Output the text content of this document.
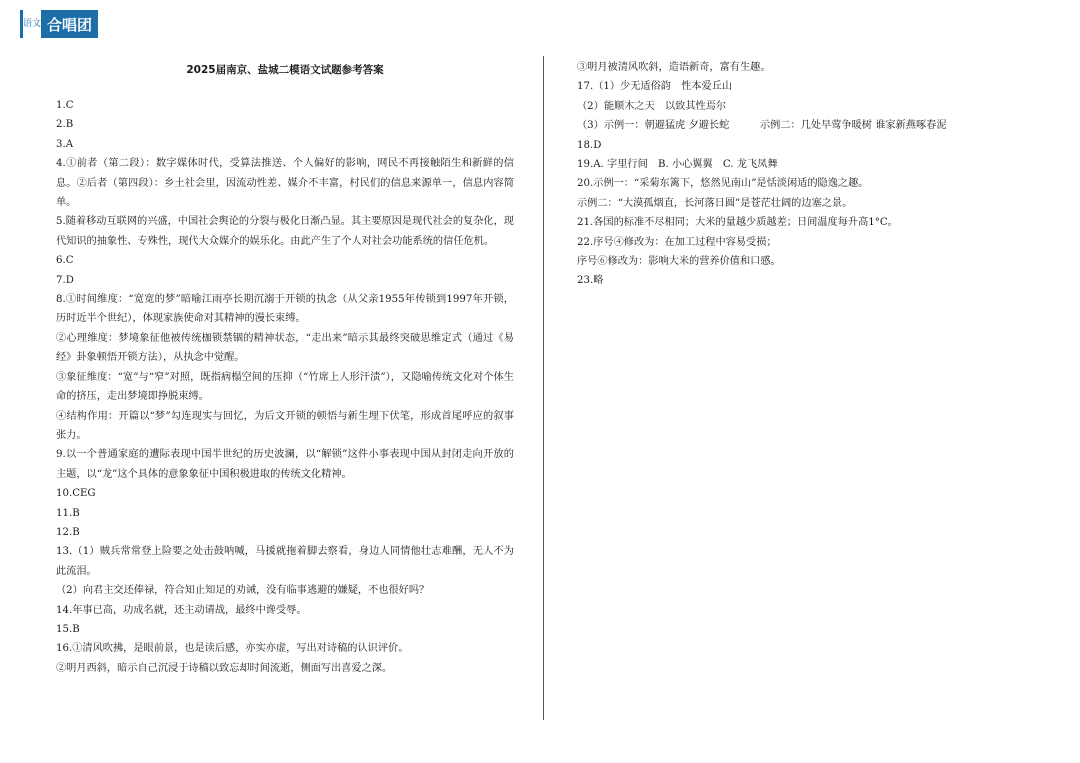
语文 合唱团
2025届南京、盐城二模语文试题参考答案

1.C

2.B

3.A

4.①前者（第二段）：数字媒体时代，受算法推送、个人偏好的影响，网民不再接触陌生和新鲜的信息。②后者（第四段）：乡土社会里，因流动性差、媒介不丰富，村民们的信息来源单一，信息内容简单。

5.随着移动互联网的兴盛，中国社会舆论的分裂与极化日渐凸显。其主要原因是现代社会的复杂化，现代知识的抽象性、专殊性，现代大众媒介的娱乐化。由此产生了个人对社会功能系统的信任危机。

6.C

7.D

8.①时间维度：“宽宽的梦”暗喻江雨亭长期沉溺于开锁的执念（从父亲1955年传锁到1997年开锁，历时近半个世纪），体现家族使命对其精神的漫长束缚。

②心理维度：梦境象征他被传统枷锁禁锢的精神状态，“走出来”暗示其最终突破思维定式（通过《易经》卦象顿悟开锁方法），从执念中觉醒。

③象征维度：“宽”与“窄”对照，既指病榻空间的压抑（“竹席上人形汗渍”），又隐喻传统文化对个体生命的挤压，走出梦境即挣脱束缚。

④结构作用：开篇以“梦”勾连现实与回忆，为后文开锁的顿悟与新生埋下伏笔，形成首尾呼应的叙事张力。

9.以一个普通家庭的遭际表现中国半世纪的历史波澜，以“解锁”这件小事表现中国从封闭走向开放的主题，以“龙”这个具体的意象象征中国积极进取的传统文化精神。

10.CEG

11.B

12.B

13.（1）贼兵常常登上险要之处击鼓呐喊，马援就拖着脚去察看，身边人同情他壮志难酬，无人不为此流泪。

（2）向君主交还俸禄，符合知止知足的劝诫，没有临事逃避的嫌疑，不也很好吗？

14.年事已高，功成名就，还主动请战，最终中谗受辱。

15.B

16.①清风吹拂，是眼前景，也是读后感，亦实亦虚，写出对诗稿的认识评价。

②明月西斜，暗示自己沉浸于诗稿以致忘却时间流逝，侧面写出喜爱之深。

③明月被清风吹斜，造语新奇，富有生趣。

17.（1）少无适俗韵　性本爱丘山

（2）能顺木之天　以致其性焉尔

（3）示例一：朝避猛虎 夕避长蛇　　　示例二：几处早莺争暖树 谁家新燕啄春泥

18.D

19.A. 字里行间　B. 小心翼翼　C. 龙飞凤舞

20.示例一：“采菊东篱下，悠然见南山”是恬淡闲适的隐逸之趣。

示例二：“大漠孤烟直，长河落日圆”是苍茫壮阔的边塞之景。

21.各国的标准不尽相同；大米的量越少质越差；日间温度每升高1°C。

22.序号④修改为：在加工过程中容易受损；

序号⑥修改为：影响大米的营养价值和口感。

23.略
